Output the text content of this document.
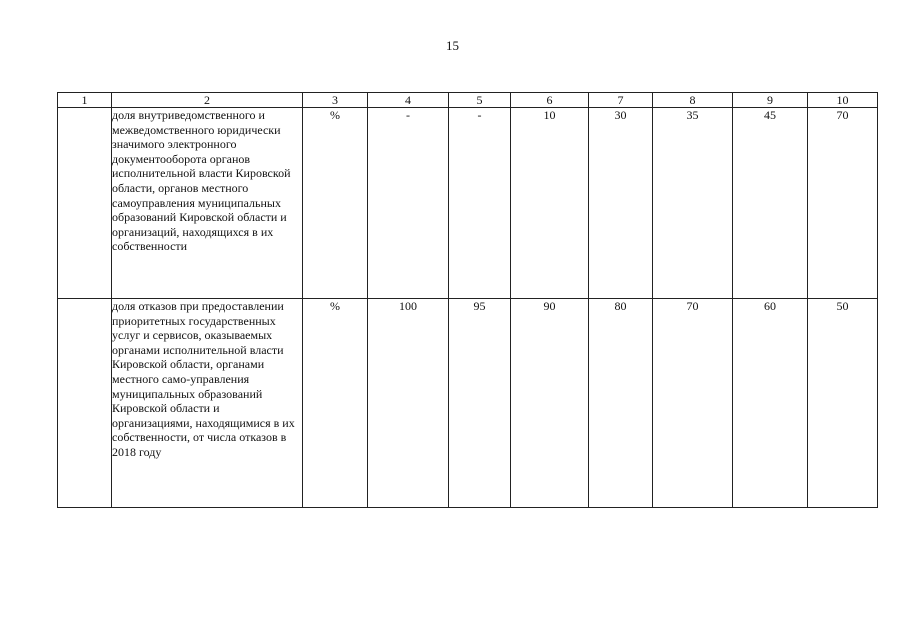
15
1	2	3	4	5	6	7	8	9	10
	доля внутриведомственного и межведомственного юридически значимого электронного документооборота органов исполнительной власти Кировской области, органов местного самоуправления муниципальных образований Кировской области и организаций, находящихся в их собственности	%	-	-	10	30	35	45	70
	доля отказов при предоставлении приоритетных государственных услуг и сервисов, оказываемых органами исполнительной власти Кировской области, органами местного само-управления муниципальных образований Кировской области и организациями, находящимися в их собственности, от числа отказов в 2018 году	%	100	95	90	80	70	60	50
